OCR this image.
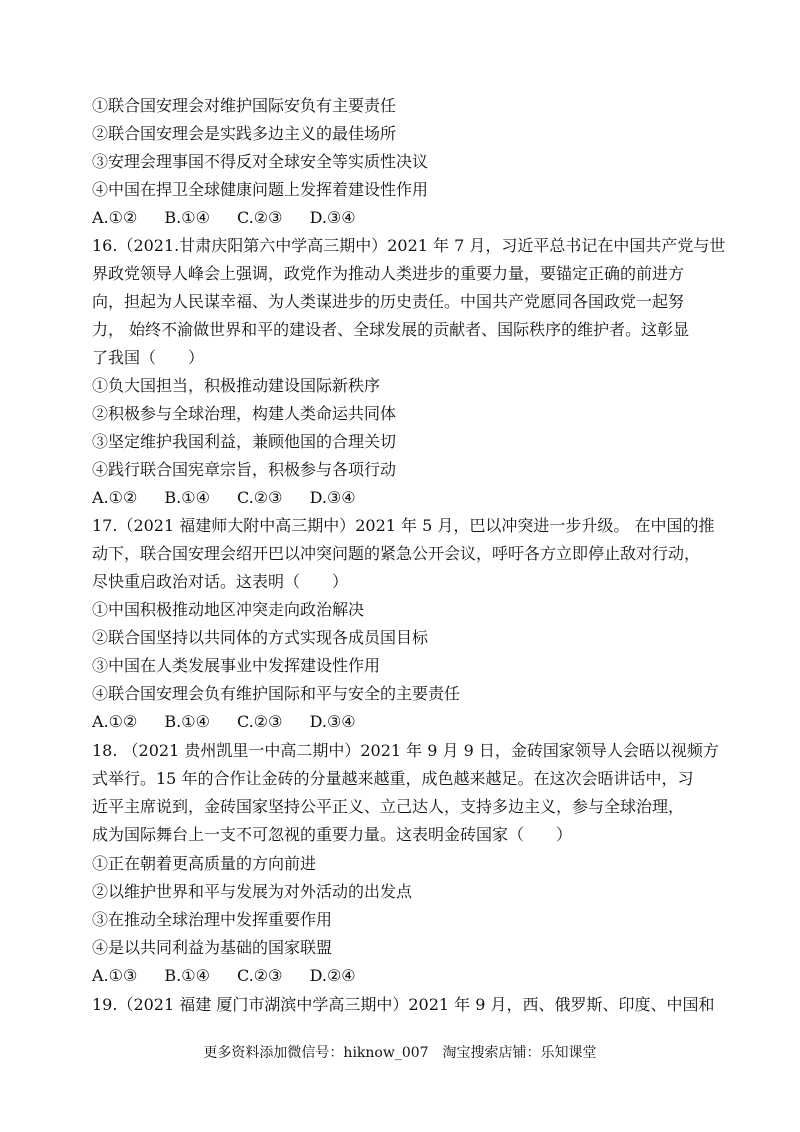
①联合国安理会对维护国际安负有主要责任
②联合国安理会是实践多边主义的最佳场所
③安理会理事国不得反对全球安全等实质性决议
④中国在捍卫全球健康问题上发挥着建设性作用
A.①② B.①④ C.②③ D.③④
16.（2021.甘肃庆阳第六中学高三期中）2021 年 7 月，习近平总书记在中国共产党与世
界政党领导人峰会上强调，政党作为推动人类进步的重要力量，要锚定正确的前进方
向，担起为人民谋幸福、为人类谋进步的历史责任。中国共产党愿同各国政党一起努
力， 始终不渝做世界和平的建设者、全球发展的贡献者、国际秩序的维护者。这彰显
了我国（　　）
①负大国担当，积极推动建设国际新秩序
②积极参与全球治理，构建人类命运共同体
③坚定维护我国利益，兼顾他国的合理关切
④践行联合国宪章宗旨，积极参与各项行动
A.①② B.①④ C.②③ D.③④
17.（2021 福建师大附中高三期中）2021 年 5 月，巴以冲突进一步升级。 在中国的推
动下，联合国安理会绍开巴以冲突问题的紧急公开会议，呼吁各方立即停止敌对行动，
尽快重启政治对话。这表明（　　）
①中国积极推动地区冲突走向政治解决
②联合国坚持以共同体的方式实现各成员国目标
③中国在人类发展事业中发挥建设性作用
④联合国安理会负有维护国际和平与安全的主要责任
A.①② B.①④ C.②③ D.③④
18. （2021 贵州凯里一中高二期中）2021 年 9 月 9 日，金砖国家领导人会晤以视频方
式举行。15 年的合作让金砖的分量越来越重，成色越来越足。在这次会晤讲话中，习
近平主席说到，金砖国家坚持公平正义、立己达人，支持多边主义，参与全球治理，
成为国际舞台上一支不可忽视的重要力量。这表明金砖国家（　　）
①正在朝着更高质量的方向前进
②以维护世界和平与发展为对外活动的出发点
③在推动全球治理中发挥重要作用
④是以共同利益为基础的国家联盟
A.①③ B.①④ C.②③ D.②④
19.（2021 福建 厦门市湖滨中学高三期中）2021 年 9 月，西、俄罗斯、印度、中国和
更多资料添加微信号：hiknow_007　淘宝搜索店铺：乐知课堂
